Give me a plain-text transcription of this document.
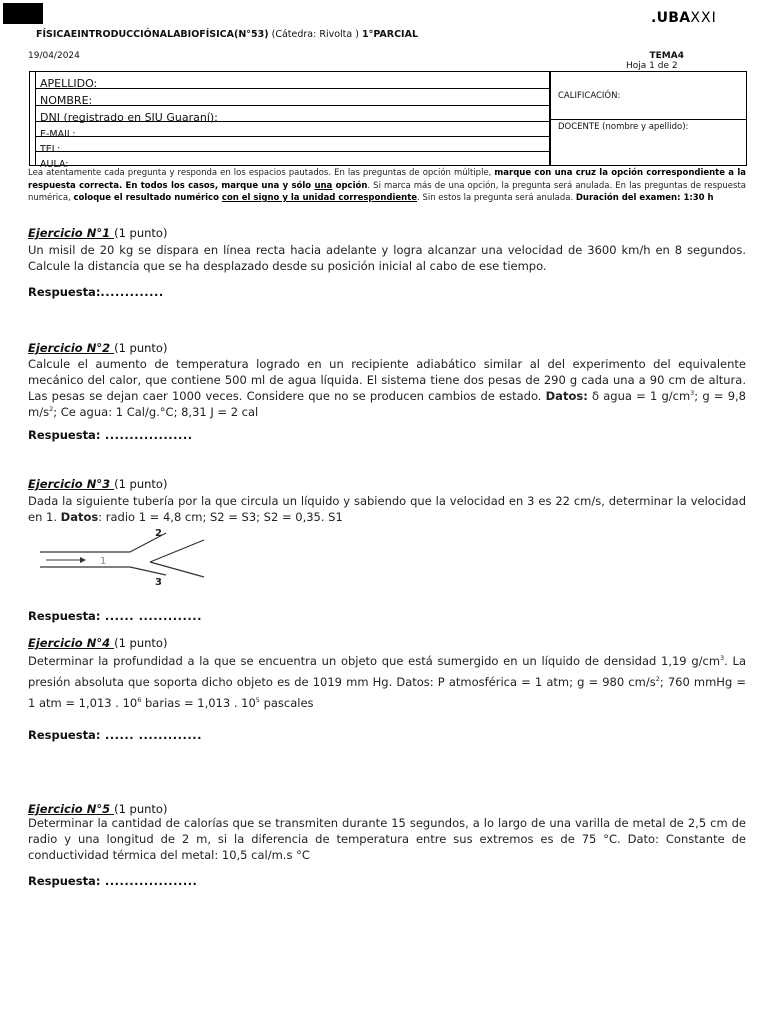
.UBAXXI
FÍSICAEINTRODUCCIÓNALABIOFÍSICA(N°53) (Cátedra: Rivolta ) 1°PARCIAL
19/04/2024	TEMA4
Hoja 1 de 2
APELLIDO:
NOMBRE:
DNI (registrado en SIU Guaraní):
E-MAIL:
TEL:
AULA:
CALIFICACIÓN:
DOCENTE (nombre y apellido):
Lea atentamente cada pregunta y responda en los espacios pautados. En las preguntas de opción múltiple, marque con una cruz la opción correspondiente a la respuesta correcta. En todos los casos, marque una y sólo una opción. Si marca más de una opción, la pregunta será anulada. En las preguntas de respuesta numérica, coloque el resultado numérico con el signo y la unidad correspondiente. Sin estos la pregunta será anulada. Duración del examen: 1:30 h
Ejercicio N°1 (1 punto)
Un misil de 20 kg se dispara en línea recta hacia adelante y logra alcanzar una velocidad de 3600 km/h en 8 segundos. Calcule la distancia que se ha desplazado desde su posición inicial al cabo de ese tiempo.
Respuesta:.............
Ejercicio N°2 (1 punto)
Calcule el aumento de temperatura logrado en un recipiente adiabático similar al del experimento del equivalente mecánico del calor, que contiene 500 ml de agua líquida. El sistema tiene dos pesas de 290 g cada una a 90 cm de altura. Las pesas se dejan caer 1000 veces. Considere que no se producen cambios de estado. Datos: δ agua = 1 $g/cm^3$; g = 9,8 $m/s^2$; Ce agua: 1 Cal/g.°C; 8,31 J = 2 cal
Respuesta: ..................
Ejercicio N°3 (1 punto)
Dada la siguiente tubería por la que circula un líquido y sabiendo que la velocidad en 3 es 22 cm/s, determinar la velocidad en 1. Datos: radio 1 = 4,8 cm; S2 = S3; S2 = 0,35. S1
1
2
3
Respuesta: ...... .............
Ejercicio N°4 (1 punto)
Determinar la profundidad a la que se encuentra un objeto que está sumergido en un líquido de densidad 1,19 $g/cm^3$. La presión absoluta que soporta dicho objeto es de 1019 mm Hg. Datos: P atmosférica = 1 atm; g = 980 $cm/s^2$; 760 mmHg = 1 atm = 1,013 . $10^6$ barias = 1,013 . $10^5$ pascales
Respuesta: ...... .............
Ejercicio N°5 (1 punto)
Determinar la cantidad de calorías que se transmiten durante 15 segundos, a lo largo de una varilla de metal de 2,5 cm de radio y una longitud de 2 m, si la diferencia de temperatura entre sus extremos es de 75 °C. Dato: Constante de conductividad térmica del metal: 10,5 cal/m.s °C
Respuesta: ...................
